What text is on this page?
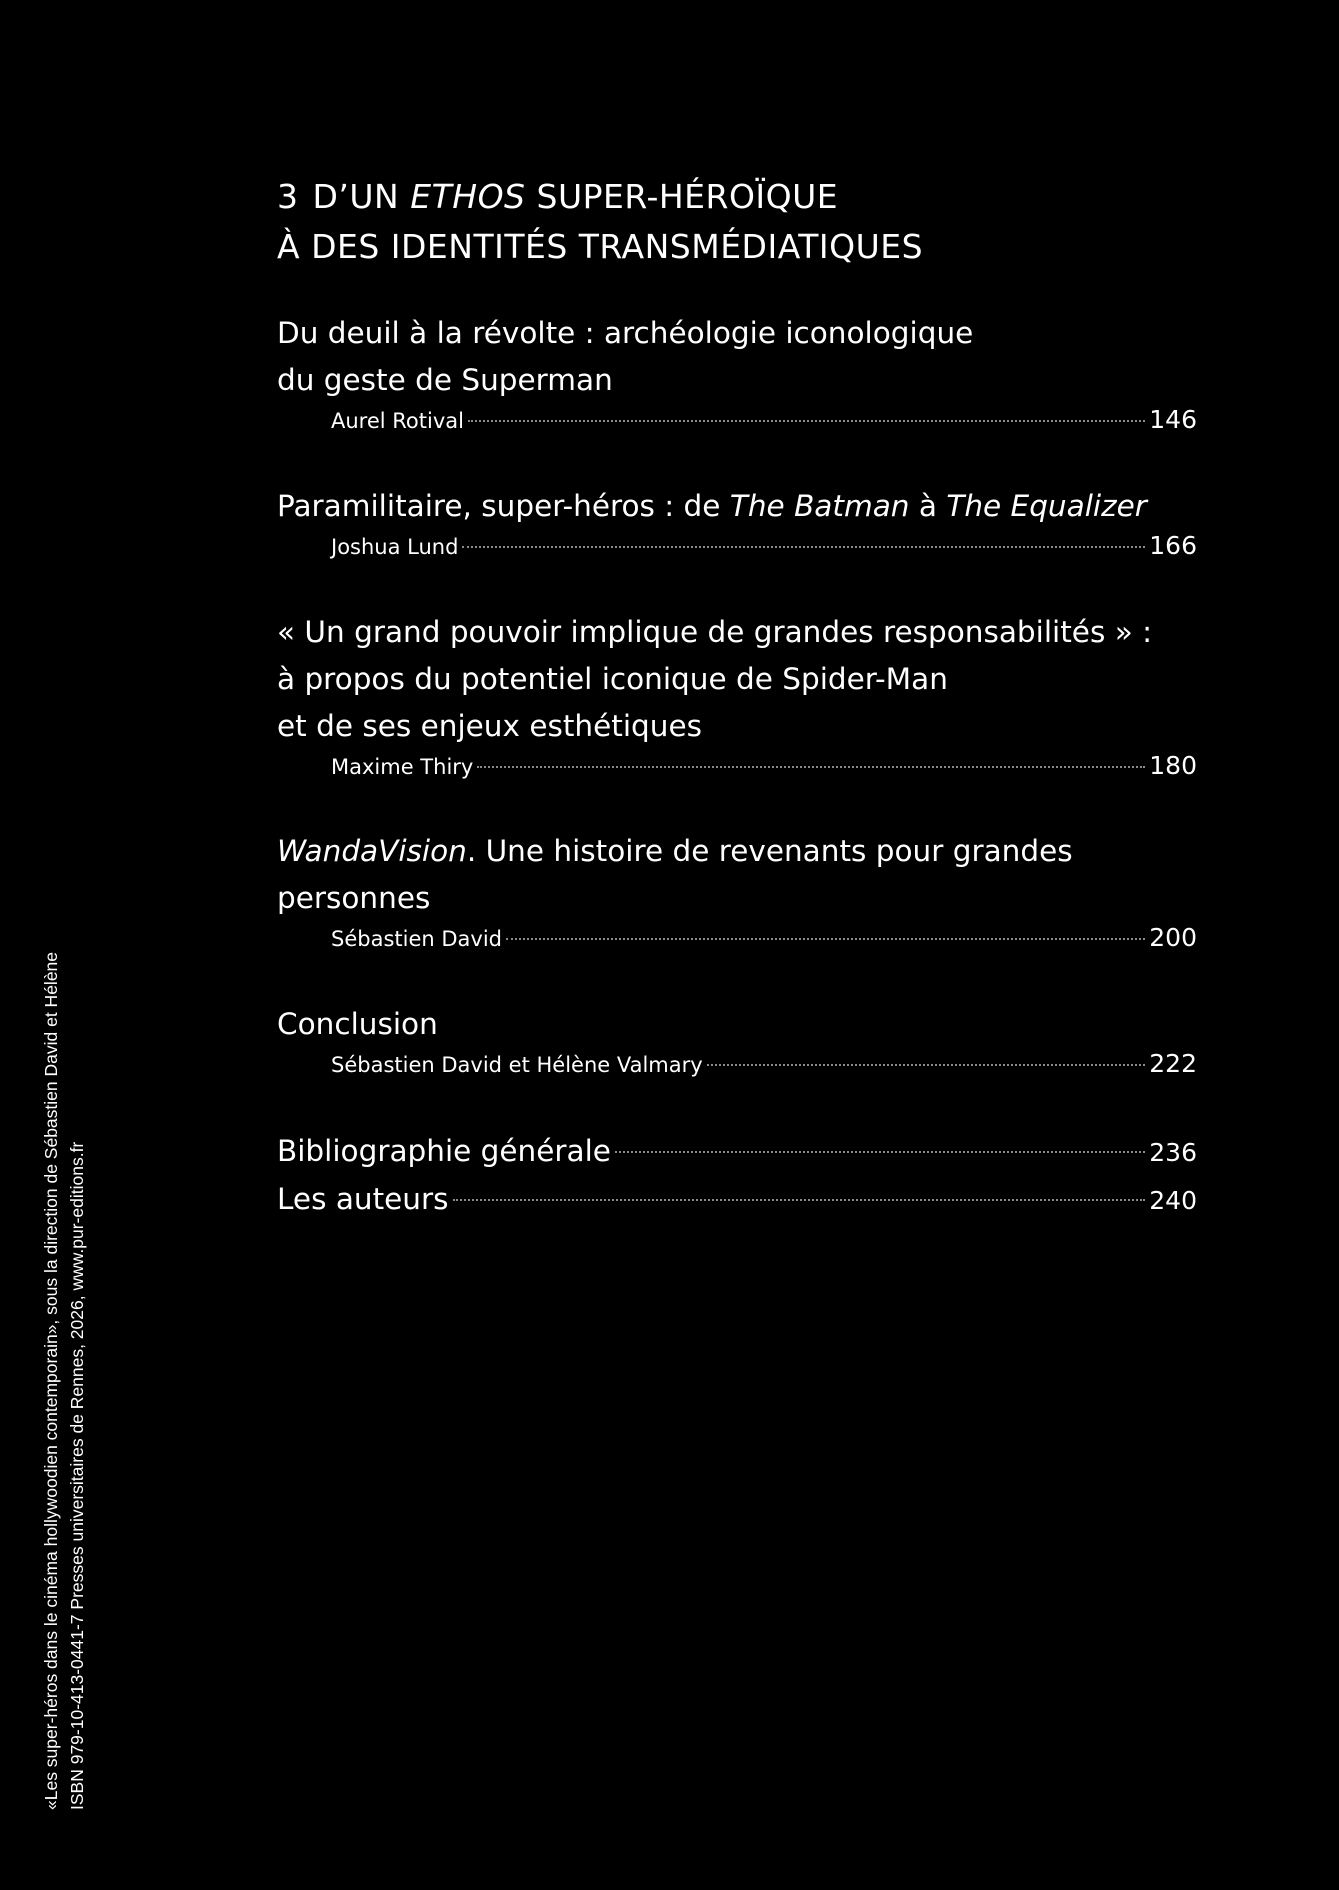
3 D’UN ETHOS SUPER-HÉROÏQUE
À DES IDENTITÉS TRANSMÉDIATIQUES
Du deuil à la révolte : archéologie iconologique
du geste de Superman
Aurel Rotival	146
Paramilitaire, super-héros : de The Batman à The Equalizer
Joshua Lund	166
« Un grand pouvoir implique de grandes responsabilités » :
à propos du potentiel iconique de Spider-Man
et de ses enjeux esthétiques
Maxime Thiry	180
WandaVision. Une histoire de revenants pour grandes
personnes
Sébastien David	200
Conclusion
Sébastien David et Hélène Valmary	222
Bibliographie générale	236
Les auteurs	240
«Les super-héros dans le cinéma hollywoodien contemporain», sous la direction de Sébastien David et Hélène ISBN 979-10-413-0441-7 Presses universitaires de Rennes, 2026, www.pur-editions.fr
